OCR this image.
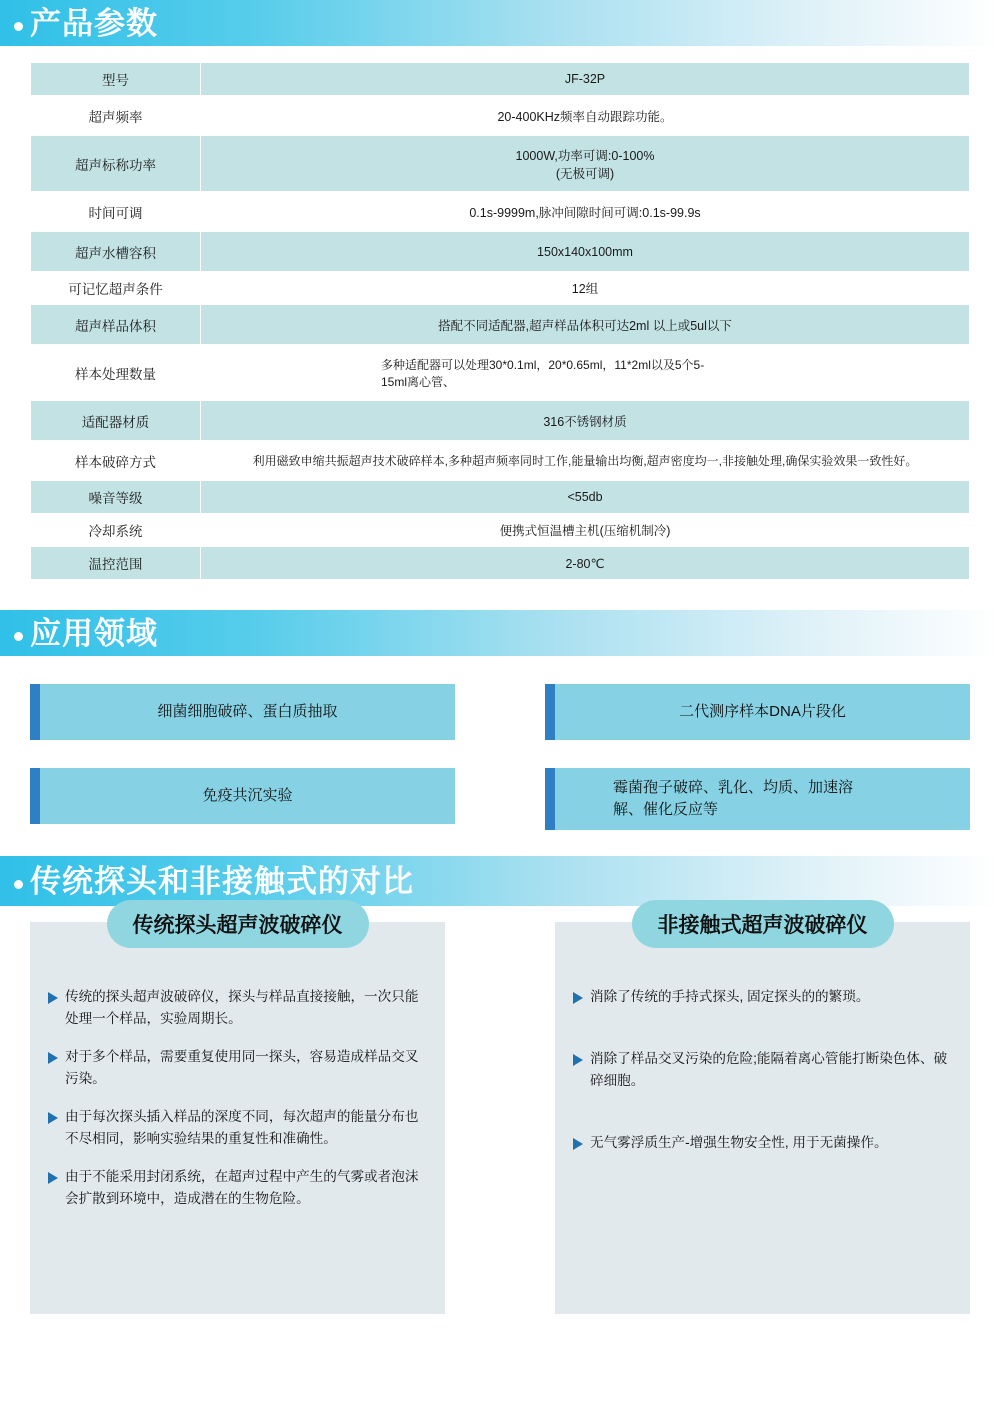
产品参数
型号	JF-32P
超声频率	20-400KHz频率自动跟踪功能。
超声标称功率	1000W,功率可调:0-100%
(无极可调)

时间可调	0.1s-9999m,脉冲间隙时间可调:0.1s-99.9s
超声水槽容积	150x140x100mm
可记忆超声条件	12组
超声样品体积	搭配不同适配器,超声样品体积可达2ml 以上或5ul以下
样本处理数量	多种适配器可以处理30*0.1ml，20*0.65ml，11*2ml以及5个5-
15ml离心管、

适配器材质	316不锈钢材质
样本破碎方式	利用磁致申缩共振超声技术破碎样本,多种超声频率同时工作,能量输出均衡,超声密度均一,非接触处理,确保实验效果一致性好。
噪音等级	<55db
冷却系统	便携式恒温槽主机(压缩机制冷)
温控范围	2-80℃
应用领域
细菌细胞破碎、蛋白质抽取	二代测序样本DNA片段化
免疫共沉实验	霉菌孢子破碎、乳化、均质、加速溶
解、催化反应等
传统探头和非接触式的对比
传统探头超声波破碎仪
传统的探头超声波破碎仪，探头与样品直接接触，一次只能处理一个样品，实验周期长。
对于多个样品，需要重复使用同一探头，容易造成样品交叉污染。
由于每次探头插入样品的深度不同，每次超声的能量分布也不尽相同，影响实验结果的重复性和准确性。
由于不能采用封闭系统，在超声过程中产生的气雾或者泡沫会扩散到环境中，造成潜在的生物危险。
非接触式超声波破碎仪
消除了传统的手持式探头, 固定探头的的繁琐。
消除了样品交叉污染的危险;能隔着离心管能打断染色体、破碎细胞。
无气雾浮质生产-增强生物安全性, 用于无菌操作。
